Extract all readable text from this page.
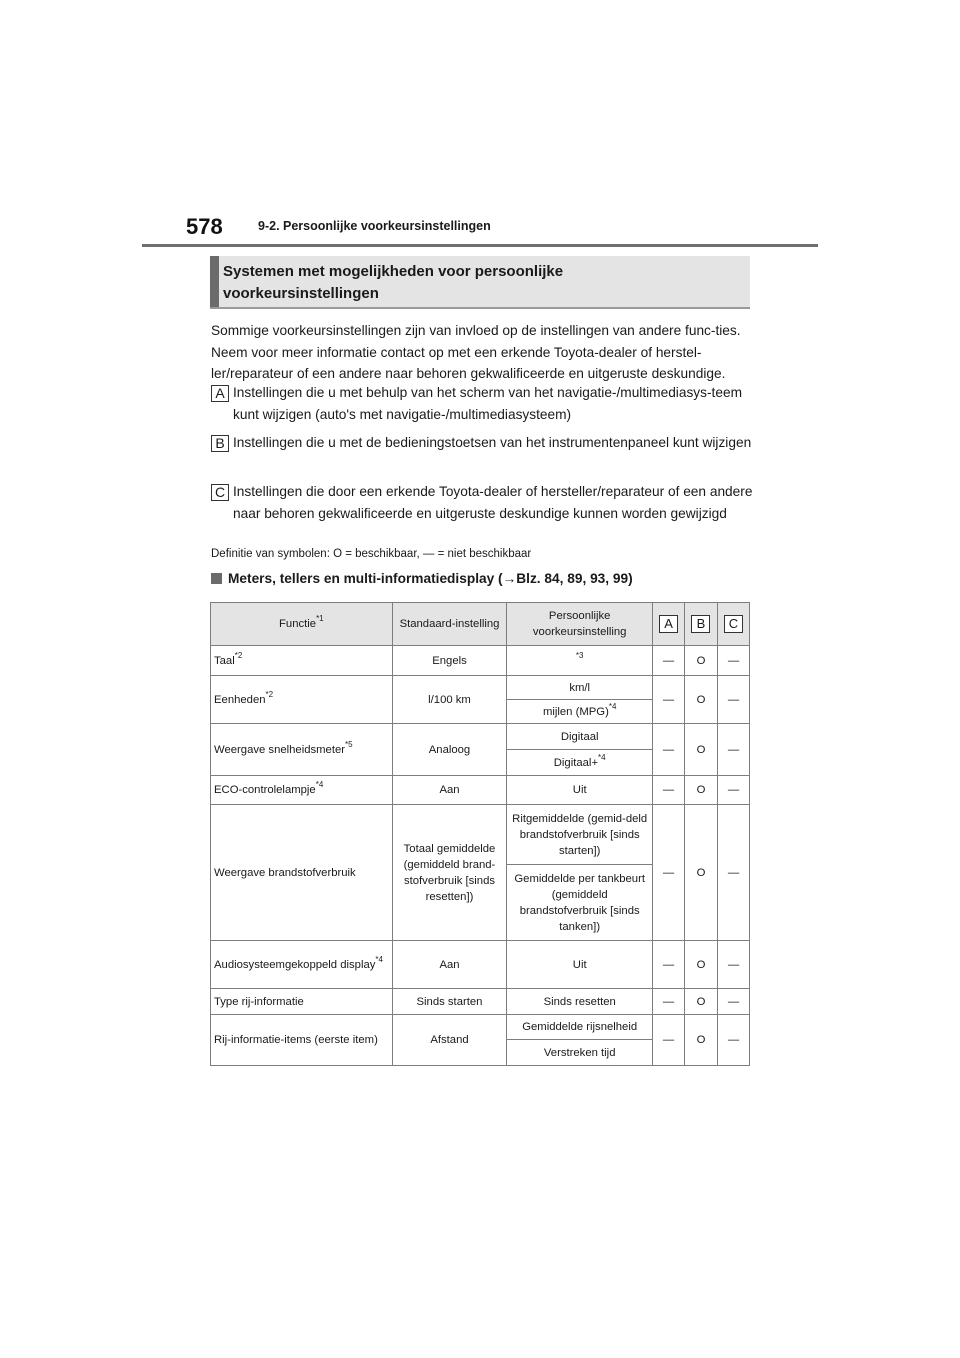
578	9-2. Persoonlijke voorkeursinstellingen
Systemen met mogelijkheden voor persoonlijke voorkeursinstellingen
Sommige voorkeursinstellingen zijn van invloed op de instellingen van andere func-ties. Neem voor meer informatie contact op met een erkende Toyota-dealer of herstel-ler/reparateur of een andere naar behoren gekwalificeerde en uitgeruste deskundige.
A Instellingen die u met behulp van het scherm van het navigatie-/multimediasys-teem kunt wijzigen (auto's met navigatie-/multimediasysteem)
B Instellingen die u met de bedieningstoetsen van het instrumentenpaneel kunt wijzigen
C Instellingen die door een erkende Toyota-dealer of hersteller/reparateur of een andere naar behoren gekwalificeerde en uitgeruste deskundige kunnen worden gewijzigd
Definitie van symbolen: O = beschikbaar, — = niet beschikbaar
Meters, tellers en multi-informatiedisplay (→Blz. 84, 89, 93, 99)
Functie$^{*1}$	Standaard-instelling	Persoonlijke voorkeursinstelling	A	B	C
Taal$^{*2}$	Engels	$^{*3}$	—	O	—
Eenheden$^{*2}$	l/100 km	km/l	—	O	—
		mijlen (MPG)$^{*4}$
Weergave snelheidsmeter$^{*5}$	Analoog	Digitaal	—	O	—
		Digitaal+$^{*4}$
ECO-controlelampje$^{*4}$	Aan	Uit	—	O	—
Weergave brandstofverbruik	Totaal gemiddelde (gemiddeld brand-stofverbruik [sinds resetten])	Ritgemiddelde (gemid-deld brandstofverbruik [sinds starten])	—	O	—
		Gemiddelde per tankbeurt (gemiddeld brandstofverbruik [sinds tanken])			
Audiosysteemgekoppeld display$^{*4}$	Aan	Uit	—	O	—
Type rij-informatie	Sinds starten	Sinds resetten	—	O	—
Rij-informatie-items (eerste item)	Afstand	Gemiddelde rijsnelheid	—	O	—
		Verstreken tijd			
